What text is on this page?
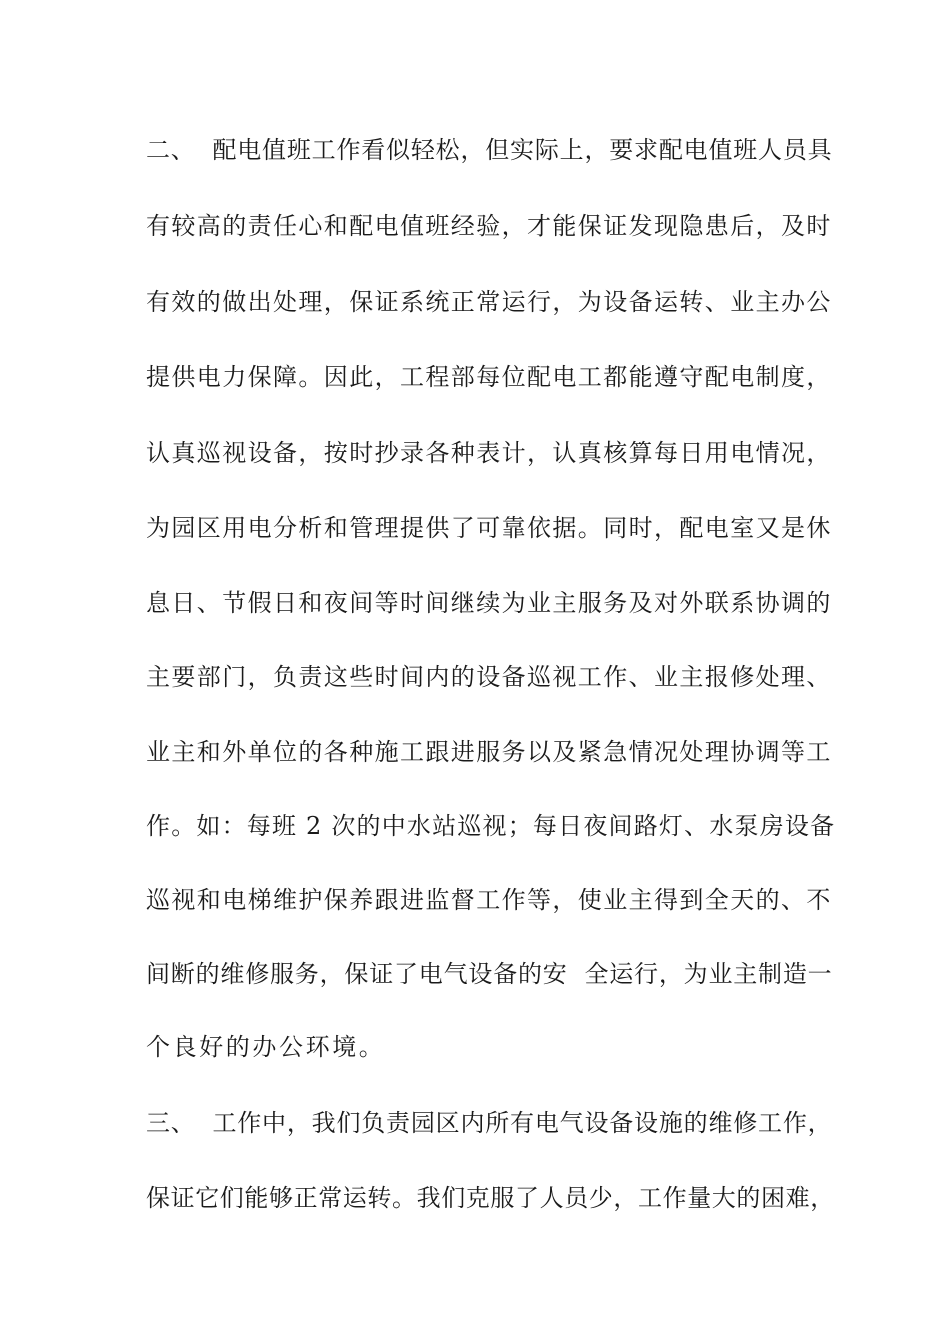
二、  配电值班工作看似轻松，但实际上，要求配电值班人员具
有较高的责任心和配电值班经验，才能保证发现隐患后，及时
有效的做出处理，保证系统正常运行，为设备运转、业主办公
提供电力保障。因此，工程部每位配电工都能遵守配电制度，
认真巡视设备，按时抄录各种表计，认真核算每日用电情况，
为园区用电分析和管理提供了可靠依据。同时，配电室又是休
息日、节假日和夜间等时间继续为业主服务及对外联系协调的
主要部门，负责这些时间内的设备巡视工作、业主报修处理、
业主和外单位的各种施工跟进服务以及紧急情况处理协调等工
作。如：每班 2 次的中水站巡视；每日夜间路灯、水泵房设备
巡视和电梯维护保养跟进监督工作等，使业主得到全天的、不
间断的维修服务，保证了电气设备的安  全运行，为业主制造一
个良好的办公环境。
三、  工作中，我们负责园区内所有电气设备设施的维修工作，
保证它们能够正常运转。我们克服了人员少，工作量大的困难，
